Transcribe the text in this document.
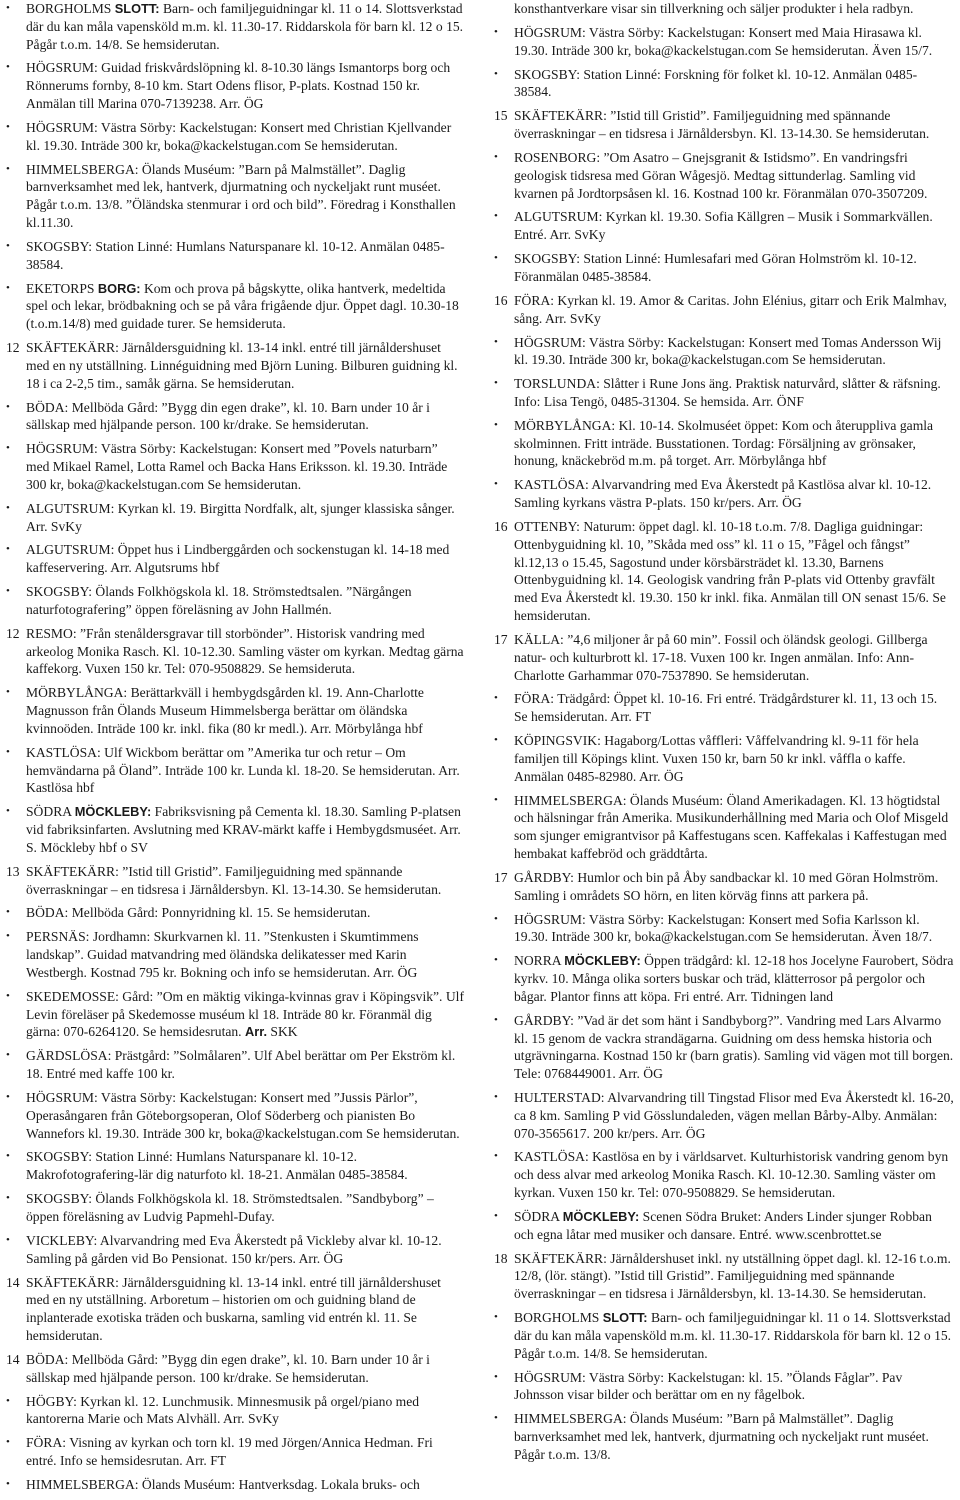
•	BORGHOLMS SLOTT: Barn- och familjeguidningar kl. 11 o 14. Slottsverkstad där du kan måla vapensköld m.m. kl. 11.30-17. Riddarskola för barn kl. 12 o 15. Pågår t.o.m. 14/8. Se hemsiderutan.
•	HÖGSRUM: Guidad friskvårdslöpning kl. 8-10.30 längs Ismantorps borg och Rönnerums fornby, 8-10 km. Start Odens flisor, P-plats. Kostnad 150 kr. Anmälan till Marina 070-7139238. Arr. ÖG
•	HÖGSRUM: Västra Sörby: Kackelstugan: Konsert med Christian Kjellvander kl. 19.30. Inträde 300 kr, boka@kackelstugan.com Se hemsiderutan.
•	HIMMELSBERGA: Ölands Muséum: ”Barn på Malmstället”. Daglig barnverksamhet med lek, hantverk, djurmatning och nyckeljakt runt muséet. Pågår t.o.m. 13/8. ”Öländska stenmurar i ord och bild”. Föredrag i Konsthallen kl.11.30.
•	SKOGSBY: Station Linné: Humlans Naturspanare kl. 10-12. Anmälan 0485-38584.
•	EKETORPS BORG: Kom och prova på bågskytte, olika hantverk, medeltida spel och lekar, brödbakning och se på våra frigående djur. Öppet dagl. 10.30-18 (t.o.m.14/8) med guidade turer. Se hemsideruta.
12 SKÄFTEKÄRR: Järnåldersguidning kl. 13-14 inkl. entré till järnåldershuset med en ny utställning. Linnéguidning med Björn Luning. Bilburen guidning kl. 18 i ca 2-2,5 tim., samåk gärna. Se hemsiderutan.
•	BÖDA: Mellböda Gård: ”Bygg din egen drake”, kl. 10. Barn under 10 år i sällskap med hjälpande person. 100 kr/drake. Se hemsiderutan.
•	HÖGSRUM: Västra Sörby: Kackelstugan: Konsert med ”Povels naturbarn” med Mikael Ramel, Lotta Ramel och Backa Hans Eriksson. kl. 19.30. Inträde 300 kr, boka@kackelstugan.com Se hemsiderutan.
•	ALGUTSRUM: Kyrkan kl. 19. Birgitta Nordfalk, alt, sjunger klassiska sånger. Arr. SvKy
•	ALGUTSRUM: Öppet hus i Lindberggården och sockenstugan kl. 14-18 med kaffeservering. Arr. Algutsrums hbf
•	SKOGSBY: Ölands Folkhögskola kl. 18. Strömstedtsalen. ”Närgången naturfotografering” öppen föreläsning av John Hallmén.
12 RESMO: ”Från stenåldersgravar till storbönder”. Historisk vandring med arkeolog Monika Rasch. Kl. 10-12.30. Samling väster om kyrkan. Medtag gärna kaffekorg. Vuxen 150 kr. Tel: 070-9508829. Se hemsideruta.
•	MÖRBYLÅNGA: Berättarkväll i hembygdsgården kl. 19. Ann-Charlotte Magnusson från Ölands Museum Himmelsberga berättar om öländska kvinnoöden. Inträde 100 kr. inkl. fika (80 kr medl.). Arr. Mörbylånga hbf
•	KASTLÖSA: Ulf Wickbom berättar om ”Amerika tur och retur – Om hemvändarna på Öland”. Inträde 100 kr. Lunda kl. 18-20. Se hemsiderutan. Arr. Kastlösa hbf
•	SÖDRA MÖCKLEBY: Fabriksvisning på Cementa kl. 18.30. Samling P-platsen vid fabriksinfarten. Avslutning med KRAV-märkt kaffe i Hembygdsmuséet. Arr. S. Möckleby hbf o SV
13 SKÄFTEKÄRR: ”Istid till Gristid”. Familjeguidning med spännande överraskningar – en tidsresa i Järnåldersbyn. Kl. 13-14.30. Se hemsiderutan.
•	BÖDA: Mellböda Gård: Ponnyridning kl. 15. Se hemsiderutan.
•	PERSNÄS: Jordhamn: Skurkvarnen kl. 11. ”Stenkusten i Skumtimmens landskap”. Guidad matvandring med öländska delikatesser med Karin Westbergh. Kostnad 795 kr. Bokning och info se hemsiderutan. Arr. ÖG
•	SKEDEMOSSE: Gård: ”Om en mäktig vikinga-kvinnas grav i Köpingsvik”. Ulf Levin föreläser på Skedemosse muséum kl 18. Inträde 80 kr. Föranmäl dig gärna: 070-6264120. Se hemsidesrutan. Arr. SKK
•	GÄRDSLÖSA: Prästgård: ”Solmålaren”. Ulf Abel berättar om Per Ekström kl. 18. Entré med kaffe 100 kr.
•	HÖGSRUM: Västra Sörby: Kackelstugan: Konsert med ”Jussis Pärlor”, Operasångaren från Göteborgsoperan, Olof Söderberg och pianisten Bo Wannefors kl. 19.30. Inträde 300 kr, boka@kackelstugan.com Se hemsiderutan.
•	SKOGSBY: Station Linné: Humlans Naturspanare kl. 10-12. Makrofotografering-lär dig naturfoto kl. 18-21. Anmälan 0485-38584.
•	SKOGSBY: Ölands Folkhögskola kl. 18. Strömstedtsalen. ”Sandbyborg” – öppen föreläsning av Ludvig Papmehl-Dufay.
•	VICKLEBY: Alvarvandring med Eva Åkerstedt på Vickleby alvar kl. 10-12. Samling på gården vid Bo Pensionat. 150 kr/pers. Arr. ÖG
14 SKÄFTEKÄRR: Järnåldersguidning kl. 13-14 inkl. entré till järnåldershuset med en ny utställning. Arboretum – historien om och guidning bland de inplanterade exotiska träden och buskarna, samling vid entrén kl. 11. Se hemsiderutan.
14 BÖDA: Mellböda Gård: ”Bygg din egen drake”, kl. 10. Barn under 10 år i sällskap med hjälpande person. 100 kr/drake. Se hemsiderutan.
•	HÖGBY: Kyrkan kl. 12. Lunchmusik. Minnesmusik på orgel/piano med kantorerna Marie och Mats Alvhäll. Arr. SvKy
•	FÖRA: Visning av kyrkan och torn kl. 19 med Jörgen/Annica Hedman. Fri entré. Info se hemsidesrutan. Arr. FT
•	HIMMELSBERGA: Ölands Muséum: Hantverksdag. Lokala bruks- och
konsthantverkare visar sin tillverkning och säljer produkter i hela radbyn.
•	HÖGSRUM: Västra Sörby: Kackelstugan: Konsert med Maia Hirasawa kl. 19.30. Inträde 300 kr, boka@kackelstugan.com Se hemsiderutan. Även 15/7.
•	SKOGSBY: Station Linné: Forskning för folket kl. 10-12. Anmälan 0485-38584.
15 SKÄFTEKÄRR: ”Istid till Gristid”. Familjeguidning med spännande överraskningar – en tidsresa i Järnåldersbyn. Kl. 13-14.30. Se hemsiderutan.
•	ROSENBORG: ”Om Asatro – Gnejsgranit & Istidsmo”. En vandringsfri geologisk tidsresa med Göran Wågesjö. Medtag sittunderlag. Samling vid kvarnen på Jordtorpsåsen kl. 16. Kostnad 100 kr. Föranmälan 070-3507209.
•	ALGUTSRUM: Kyrkan kl. 19.30. Sofia Källgren – Musik i Sommarkvällen. Entré. Arr. SvKy
•	SKOGSBY: Station Linné: Humlesafari med Göran Holmström kl. 10-12. Föranmälan 0485-38584.
16 FÖRA: Kyrkan kl. 19. Amor & Caritas. John Elénius, gitarr och Erik Malmhav, sång. Arr. SvKy
•	HÖGSRUM: Västra Sörby: Kackelstugan: Konsert med Tomas Andersson Wij kl. 19.30. Inträde 300 kr, boka@kackelstugan.com Se hemsiderutan.
•	TORSLUNDA: Slåtter i Rune Jons äng. Praktisk naturvård, slåtter & räfsning. Info: Lisa Tengö, 0485-31304. Se hemsida. Arr. ÖNF
•	MÖRBYLÅNGA: Kl. 10-14. Skolmuséet öppet: Kom och återuppliva gamla skolminnen. Fritt inträde. Busstationen. Tordag: Försäljning av grönsaker, honung, knäckebröd m.m. på torget. Arr. Mörbylånga hbf
•	KASTLÖSA: Alvarvandring med Eva Åkerstedt på Kastlösa alvar kl. 10-12. Samling kyrkans västra P-plats. 150 kr/pers. Arr. ÖG
16 OTTENBY: Naturum: öppet dagl. kl. 10-18 t.o.m. 7/8. Dagliga guidningar: Ottenbyguidning kl. 10, ”Skåda med oss” kl. 11 o 15, ”Fågel och fångst” kl.12,13 o 15.45, Sagostund under körsbärsträdet kl. 13.30, Barnens Ottenbyguidning kl. 14. Geologisk vandring från P-plats vid Ottenby gravfält med Eva Åkerstedt kl. 19.30. 150 kr inkl. fika. Anmälan till ON senast 15/6. Se hemsiderutan.
17 KÄLLA: ”4,6 miljoner år på 60 min”. Fossil och öländsk geologi. Gillberga natur- och kulturbrott kl. 17-18. Vuxen 100 kr. Ingen anmälan. Info: Ann-Charlotte Garhammar 070-7537890. Se hemsiderutan.
•	FÖRA: Trädgård: Öppet kl. 10-16. Fri entré. Trädgårdsturer kl. 11, 13 och 15. Se hemsiderutan. Arr. FT
•	KÖPINGSVIK: Hagaborg/Lottas våffleri: Våffelvandring kl. 9-11 för hela familjen till Köpings klint. Vuxen 150 kr, barn 50 kr inkl. våffla o kaffe. Anmälan 0485-82980. Arr. ÖG
•	HIMMELSBERGA: Ölands Muséum: Öland Amerikadagen. Kl. 13 högtidstal och hälsningar från Amerika. Musikunderhållning med Maria och Olof Misgeld som sjunger emigrantvisor på Kaffestugans scen. Kaffekalas i Kaffestugan med hembakat kaffebröd och gräddtårta.
17 GÅRDBY: Humlor och bin på Åby sandbackar kl. 10 med Göran Holmström. Samling i områdets SO hörn, en liten körväg finns att parkera på.
•	HÖGSRUM: Västra Sörby: Kackelstugan: Konsert med Sofia Karlsson kl. 19.30. Inträde 300 kr, boka@kackelstugan.com Se hemsiderutan. Även 18/7.
•	NORRA MÖCKLEBY: Öppen trädgård: kl. 12-18 hos Jocelyne Faurobert, Södra kyrkv. 10. Många olika sorters buskar och träd, klätterrosor på pergolor och bågar. Plantor finns att köpa. Fri entré. Arr. Tidningen land
•	GÅRDBY: ”Vad är det som hänt i Sandbyborg?”. Vandring med Lars Alvarmo kl. 15 genom de vackra strandägarna. Guidning om dess hemska historia och utgrävningarna. Kostnad 150 kr (barn gratis). Samling vid vägen mot till borgen. Tele: 0768449001. Arr. ÖG
•	HULTERSTAD: Alvarvandring till Tingstad Flisor med Eva Åkerstedt kl. 16-20, ca 8 km. Samling P vid Gösslundaleden, vägen mellan Bårby-Alby. Anmälan: 070-3565617. 200 kr/pers. Arr. ÖG
•	KASTLÖSA: Kastlösa en by i världsarvet. Kulturhistorisk vandring genom byn och dess alvar med arkeolog Monika Rasch. Kl. 10-12.30. Samling väster om kyrkan. Vuxen 150 kr. Tel: 070-9508829. Se hemsiderutan.
•	SÖDRA MÖCKLEBY: Scenen Södra Bruket: Anders Linder sjunger Robban och egna låtar med musiker och dansare. Entré. www.scenbrottet.se
18 SKÄFTEKÄRR: Järnåldershuset inkl. ny utställning öppet dagl. kl. 12-16 t.o.m. 12/8, (lör. stängt). ”Istid till Gristid”. Familjeguidning med spännande överraskningar – en tidsresa i Järnåldersbyn, kl. 13-14.30. Se hemsiderutan.
•	BORGHOLMS SLOTT: Barn- och familjeguidningar kl. 11 o 14. Slottsverkstad där du kan måla vapensköld m.m. kl. 11.30-17. Riddarskola för barn kl. 12 o 15. Pågår t.o.m. 14/8. Se hemsiderutan.
•	HÖGSRUM: Västra Sörby: Kackelstugan: kl. 15. ”Ölands Fåglar”. Pav Johnsson visar bilder och berättar om en ny fågelbok.
•	HIMMELSBERGA: Ölands Muséum: ”Barn på Malmstället”. Daglig barnverksamhet med lek, hantverk, djurmatning och nyckeljakt runt muséet. Pågår t.o.m. 13/8.
